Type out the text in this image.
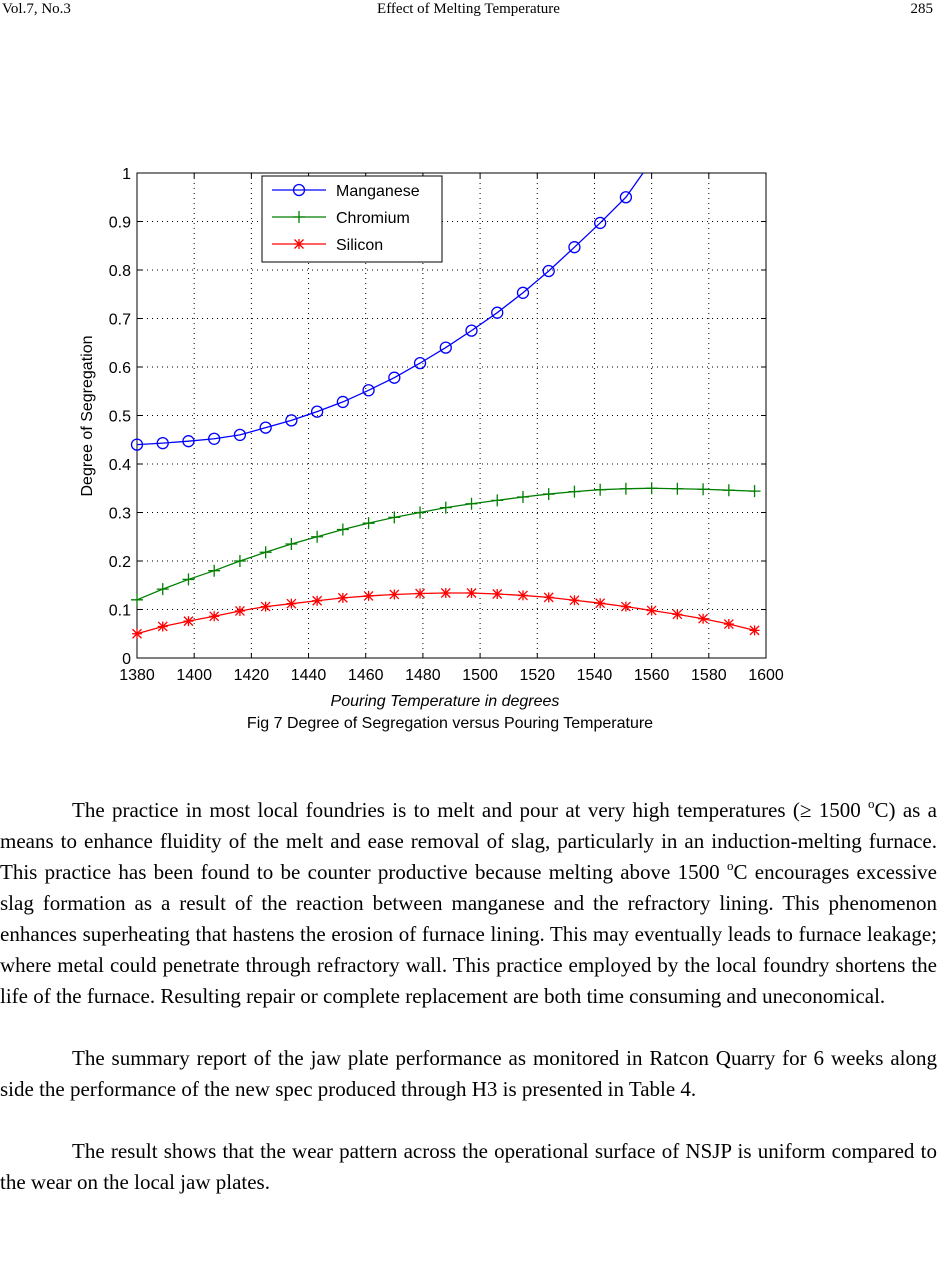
Vol.7, No.3	Effect of Melting Temperature	285
1380 1400 1420 1440 1460 1480 1500 1520 1540 1560 1580 1600
0
0.1
0.2
0.3
0.4
0.5
0.6
0.7
0.8
0.9
1
Pouring Temperature in degrees
Degree of Segregation
Fig 7 Degree of Segregation versus Pouring Temperature
Manganese
Chromium
Silicon

The practice in most local foundries is to melt and pour at very high temperatures (≥ 1500 $^o$C) as a means to enhance fluidity of the melt and ease removal of slag, particularly in an induction-melting furnace. This practice has been found to be counter productive because melting above 1500 $^o$C encourages excessive slag formation as a result of the reaction between manganese and the refractory lining. This phenomenon enhances superheating that hastens the erosion of furnace lining. This may eventually leads to furnace leakage; where metal could penetrate through refractory wall. This practice employed by the local foundry shortens the life of the furnace. Resulting repair or complete replacement are both time consuming and uneconomical.

The summary report of the jaw plate performance as monitored in Ratcon Quarry for 6 weeks along side the performance of the new spec produced through H3 is presented in Table 4.

The result shows that the wear pattern across the operational surface of NSJP is uniform compared to the wear on the local jaw plates.
